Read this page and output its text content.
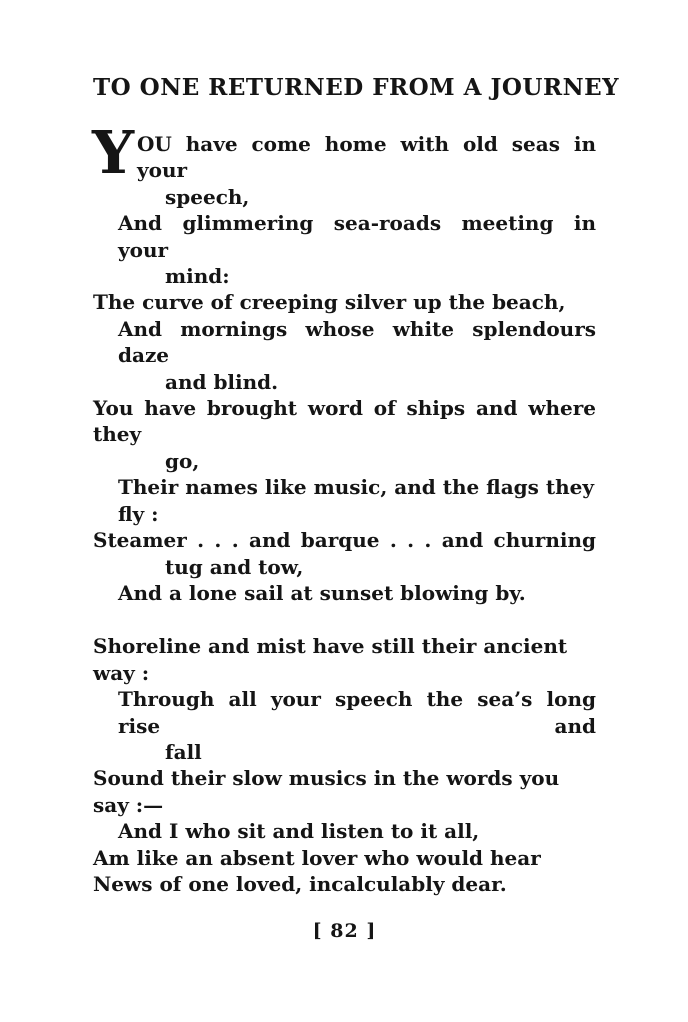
TO ONE RETURNED FROM A JOURNEY
Y OU have come home with old seas in your
speech,
And glimmering sea-roads meeting in your
mind:
The curve of creeping silver up the beach,
And mornings whose white splendours daze
and blind.
You have brought word of ships and where they
go,
Their names like music, and the flags they fly :
Steamer . . . and barque . . . and churning
tug and tow,
And a lone sail at sunset blowing by.
Shoreline and mist have still their ancient way :
Through all your speech the sea’s long rise and
fall
Sound their slow musics in the words you say :—
And I who sit and listen to it all,
Am like an absent lover who would hear
News of one loved, incalculably dear.
[ 82 ]
